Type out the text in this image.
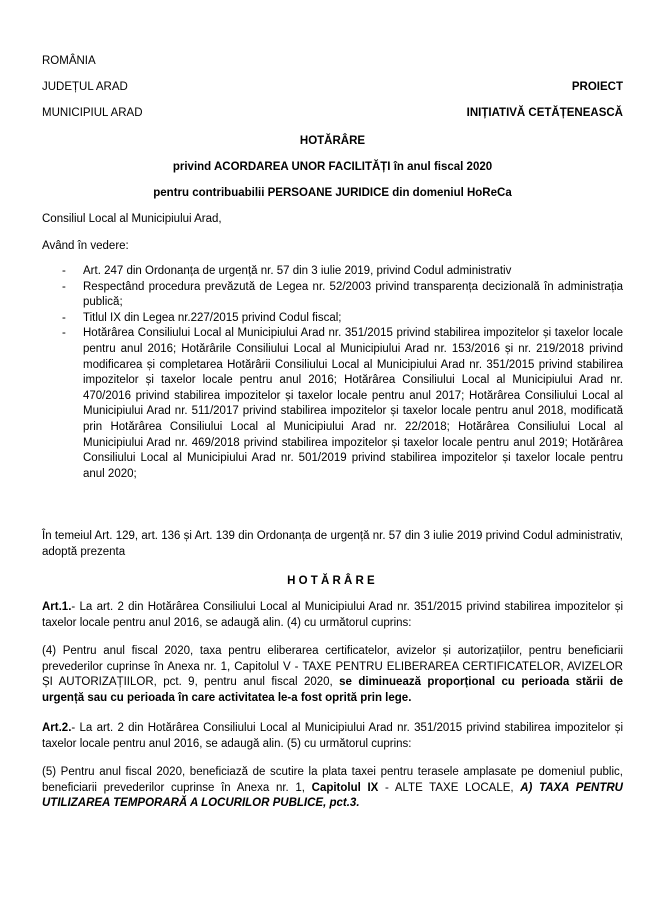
ROMÂNIA
JUDEȚUL ARAD	PROIECT
MUNICIPIUL ARAD	INIȚIATIVĂ CETĂȚENEASCĂ
HOTĂRÂRE
privind ACORDAREA UNOR FACILITĂȚI în anul fiscal 2020
pentru contribuabilii PERSOANE JURIDICE din domeniul HoReCa
Consiliul Local al Municipiului Arad,
Având în vedere:
- Art. 247 din Ordonanța de urgență nr. 57 din 3 iulie 2019, privind Codul administrativ
- Respectând procedura prevăzută de Legea nr. 52/2003 privind transparența decizională în administrația publică;
- Titlul IX din Legea nr.227/2015 privind Codul fiscal;
- Hotărârea Consiliului Local al Municipiului Arad nr. 351/2015 privind stabilirea impozitelor și taxelor locale pentru anul 2016; Hotărârile Consiliului Local al Municipiului Arad nr. 153/2016 și nr. 219/2018 privind modificarea și completarea Hotărârii Consiliului Local al Municipiului Arad nr. 351/2015 privind stabilirea impozitelor și taxelor locale pentru anul 2016; Hotărârea Consiliului Local al Municipiului Arad nr. 470/2016 privind stabilirea impozitelor și taxelor locale pentru anul 2017; Hotărârea Consiliului Local al Municipiului Arad nr. 511/2017 privind stabilirea impozitelor și taxelor locale pentru anul 2018, modificată prin Hotărârea Consiliului Local al Municipiului Arad nr. 22/2018; Hotărârea Consiliului Local al Municipiului Arad nr. 469/2018 privind stabilirea impozitelor și taxelor locale pentru anul 2019; Hotărârea Consiliului Local al Municipiului Arad nr. 501/2019 privind stabilirea impozitelor și taxelor locale pentru anul 2020;
În temeiul Art. 129, art. 136 și Art. 139 din Ordonanța de urgență nr. 57 din 3 iulie 2019 privind Codul administrativ, adoptă prezenta
HOTĂRÂRE
Art.1.- La art. 2 din Hotărârea Consiliului Local al Municipiului Arad nr. 351/2015 privind stabilirea impozitelor și taxelor locale pentru anul 2016, se adaugă alin. (4) cu următorul cuprins:
(4) Pentru anul fiscal 2020, taxa pentru eliberarea certificatelor, avizelor și autorizațiilor, pentru beneficiarii prevederilor cuprinse în Anexa nr. 1, Capitolul V - TAXE PENTRU ELIBERAREA CERTIFICATELOR, AVIZELOR ȘI AUTORIZAȚIILOR, pct. 9, pentru anul fiscal 2020, se diminuează proporțional cu perioada stării de urgență sau cu perioada în care activitatea le-a fost oprită prin lege.
Art.2.- La art. 2 din Hotărârea Consiliului Local al Municipiului Arad nr. 351/2015 privind stabilirea impozitelor și taxelor locale pentru anul 2016, se adaugă alin. (5) cu următorul cuprins:
(5) Pentru anul fiscal 2020, beneficiază de scutire la plata taxei pentru terasele amplasate pe domeniul public, beneficiarii prevederilor cuprinse în Anexa nr. 1, Capitolul IX - ALTE TAXE LOCALE, A) TAXA PENTRU UTILIZAREA TEMPORARĂ A LOCURILOR PUBLICE, pct.3.
